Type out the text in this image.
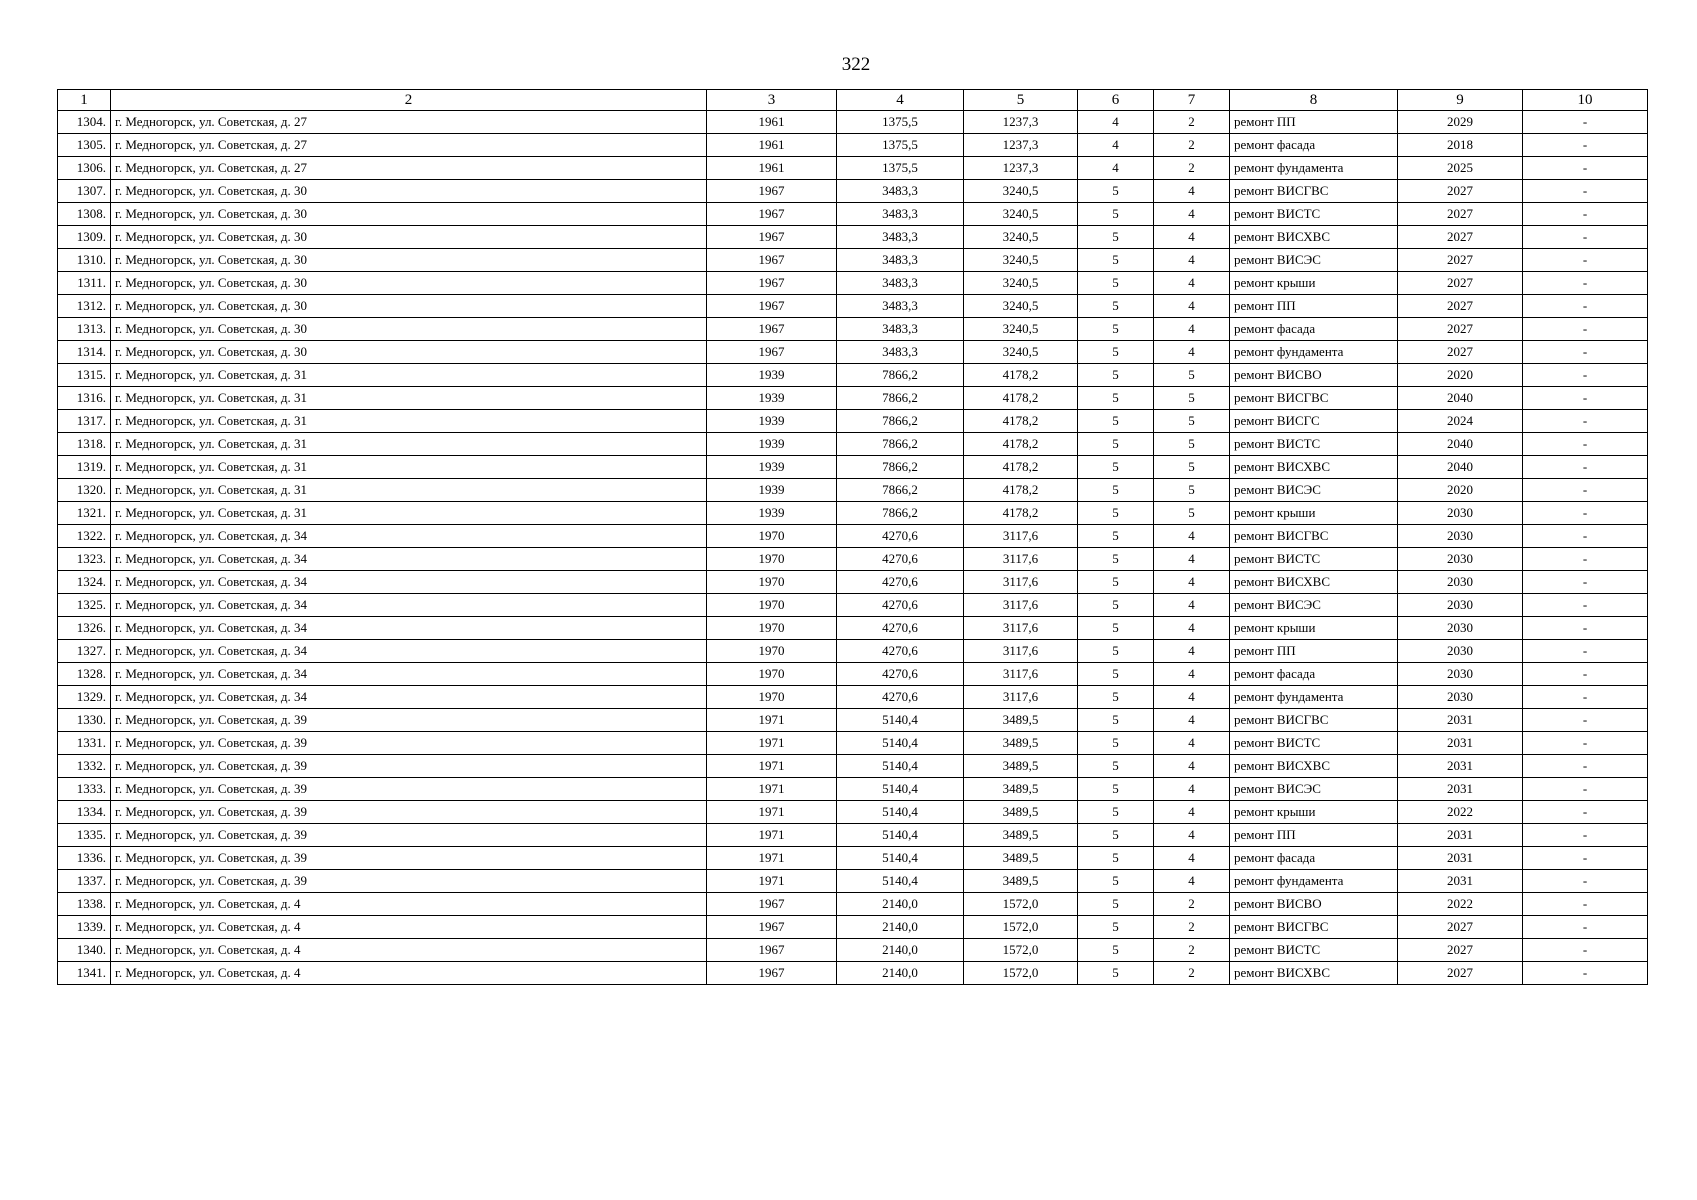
322
1	2	3	4	5	6	7	8	9	10
1304.	г. Медногорск, ул. Советская, д. 27	1961	1375,5	1237,3	4	2	ремонт ПП	2029	-
1305.	г. Медногорск, ул. Советская, д. 27	1961	1375,5	1237,3	4	2	ремонт фасада	2018	-
1306.	г. Медногорск, ул. Советская, д. 27	1961	1375,5	1237,3	4	2	ремонт фундамента	2025	-
1307.	г. Медногорск, ул. Советская, д. 30	1967	3483,3	3240,5	5	4	ремонт ВИСГВС	2027	-
1308.	г. Медногорск, ул. Советская, д. 30	1967	3483,3	3240,5	5	4	ремонт ВИСТС	2027	-
1309.	г. Медногорск, ул. Советская, д. 30	1967	3483,3	3240,5	5	4	ремонт ВИСХВС	2027	-
1310.	г. Медногорск, ул. Советская, д. 30	1967	3483,3	3240,5	5	4	ремонт ВИСЭС	2027	-
1311.	г. Медногорск, ул. Советская, д. 30	1967	3483,3	3240,5	5	4	ремонт крыши	2027	-
1312.	г. Медногорск, ул. Советская, д. 30	1967	3483,3	3240,5	5	4	ремонт ПП	2027	-
1313.	г. Медногорск, ул. Советская, д. 30	1967	3483,3	3240,5	5	4	ремонт фасада	2027	-
1314.	г. Медногорск, ул. Советская, д. 30	1967	3483,3	3240,5	5	4	ремонт фундамента	2027	-
1315.	г. Медногорск, ул. Советская, д. 31	1939	7866,2	4178,2	5	5	ремонт ВИСВО	2020	-
1316.	г. Медногорск, ул. Советская, д. 31	1939	7866,2	4178,2	5	5	ремонт ВИСГВС	2040	-
1317.	г. Медногорск, ул. Советская, д. 31	1939	7866,2	4178,2	5	5	ремонт ВИСГС	2024	-
1318.	г. Медногорск, ул. Советская, д. 31	1939	7866,2	4178,2	5	5	ремонт ВИСТС	2040	-
1319.	г. Медногорск, ул. Советская, д. 31	1939	7866,2	4178,2	5	5	ремонт ВИСХВС	2040	-
1320.	г. Медногорск, ул. Советская, д. 31	1939	7866,2	4178,2	5	5	ремонт ВИСЭС	2020	-
1321.	г. Медногорск, ул. Советская, д. 31	1939	7866,2	4178,2	5	5	ремонт крыши	2030	-
1322.	г. Медногорск, ул. Советская, д. 34	1970	4270,6	3117,6	5	4	ремонт ВИСГВС	2030	-
1323.	г. Медногорск, ул. Советская, д. 34	1970	4270,6	3117,6	5	4	ремонт ВИСТС	2030	-
1324.	г. Медногорск, ул. Советская, д. 34	1970	4270,6	3117,6	5	4	ремонт ВИСХВС	2030	-
1325.	г. Медногорск, ул. Советская, д. 34	1970	4270,6	3117,6	5	4	ремонт ВИСЭС	2030	-
1326.	г. Медногорск, ул. Советская, д. 34	1970	4270,6	3117,6	5	4	ремонт крыши	2030	-
1327.	г. Медногорск, ул. Советская, д. 34	1970	4270,6	3117,6	5	4	ремонт ПП	2030	-
1328.	г. Медногорск, ул. Советская, д. 34	1970	4270,6	3117,6	5	4	ремонт фасада	2030	-
1329.	г. Медногорск, ул. Советская, д. 34	1970	4270,6	3117,6	5	4	ремонт фундамента	2030	-
1330.	г. Медногорск, ул. Советская, д. 39	1971	5140,4	3489,5	5	4	ремонт ВИСГВС	2031	-
1331.	г. Медногорск, ул. Советская, д. 39	1971	5140,4	3489,5	5	4	ремонт ВИСТС	2031	-
1332.	г. Медногорск, ул. Советская, д. 39	1971	5140,4	3489,5	5	4	ремонт ВИСХВС	2031	-
1333.	г. Медногорск, ул. Советская, д. 39	1971	5140,4	3489,5	5	4	ремонт ВИСЭС	2031	-
1334.	г. Медногорск, ул. Советская, д. 39	1971	5140,4	3489,5	5	4	ремонт крыши	2022	-
1335.	г. Медногорск, ул. Советская, д. 39	1971	5140,4	3489,5	5	4	ремонт ПП	2031	-
1336.	г. Медногорск, ул. Советская, д. 39	1971	5140,4	3489,5	5	4	ремонт фасада	2031	-
1337.	г. Медногорск, ул. Советская, д. 39	1971	5140,4	3489,5	5	4	ремонт фундамента	2031	-
1338.	г. Медногорск, ул. Советская, д. 4	1967	2140,0	1572,0	5	2	ремонт ВИСВО	2022	-
1339.	г. Медногорск, ул. Советская, д. 4	1967	2140,0	1572,0	5	2	ремонт ВИСГВС	2027	-
1340.	г. Медногорск, ул. Советская, д. 4	1967	2140,0	1572,0	5	2	ремонт ВИСТС	2027	-
1341.	г. Медногорск, ул. Советская, д. 4	1967	2140,0	1572,0	5	2	ремонт ВИСХВС	2027	-
